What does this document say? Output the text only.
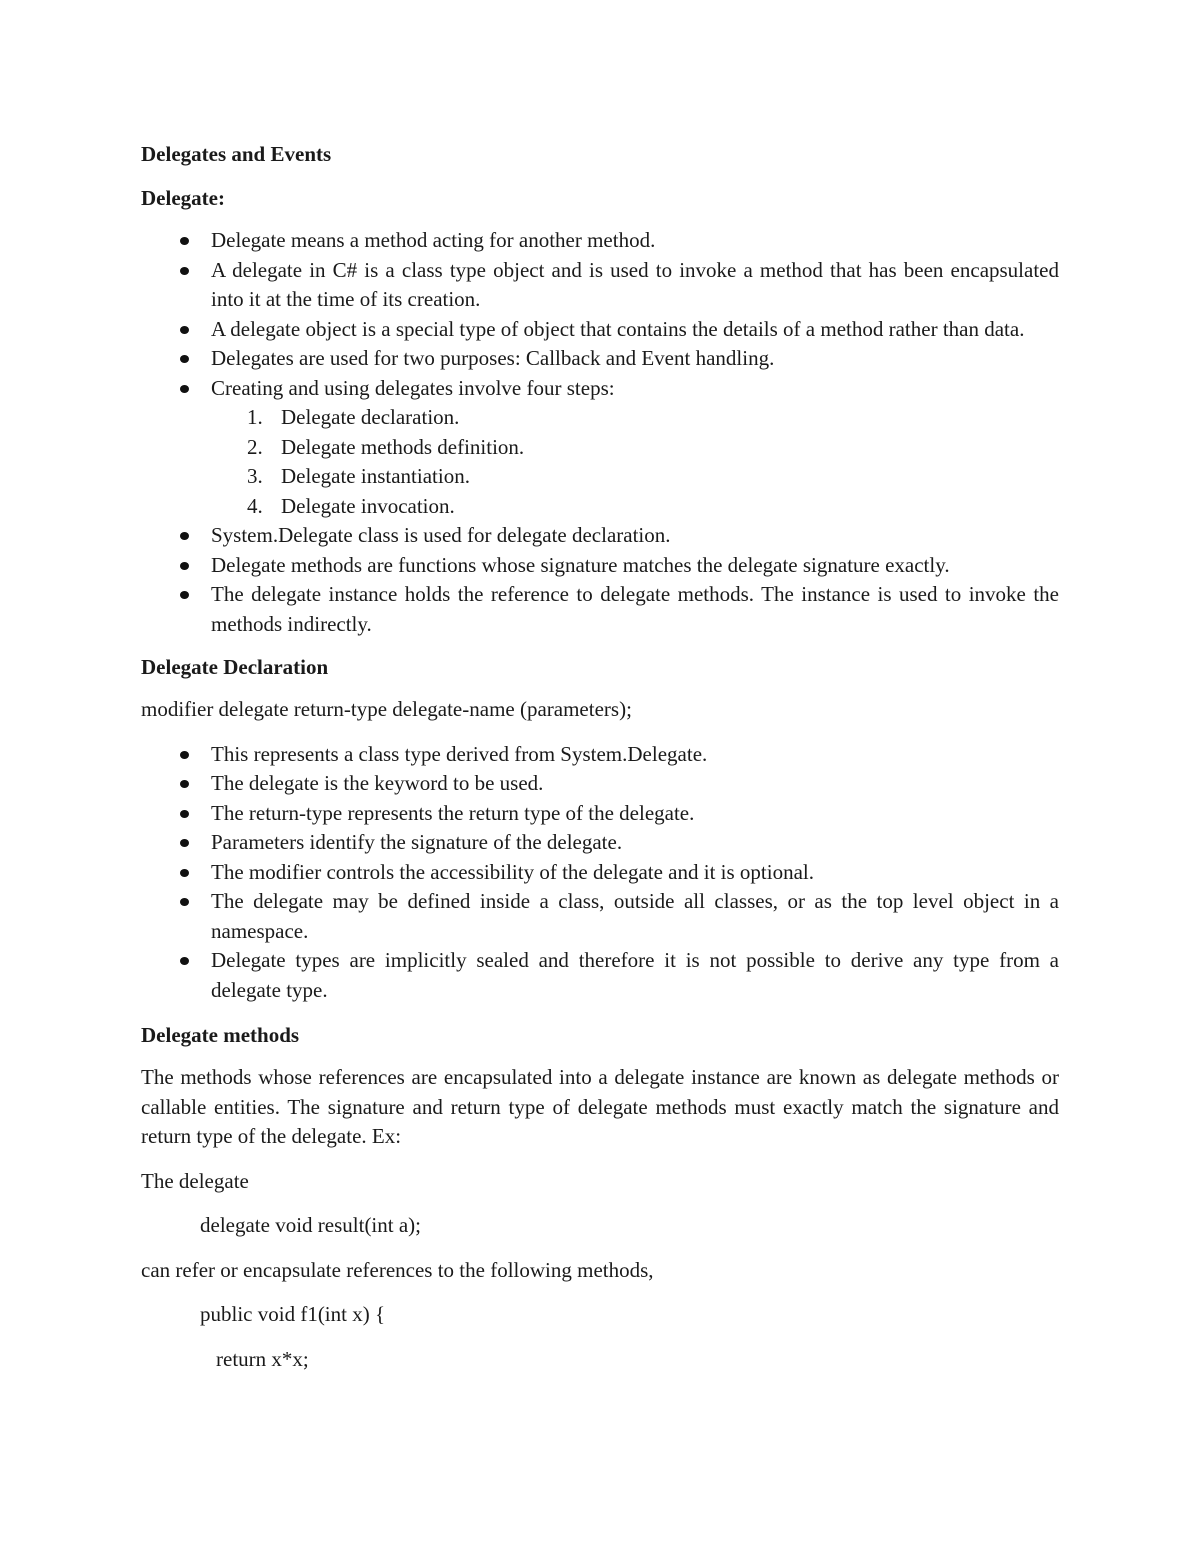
Delegates and Events

Delegate:

Delegate means a method acting for another method.
A delegate in C# is a class type object and is used to invoke a method that has been encapsulated into it at the time of its creation.
A delegate object is a special type of object that contains the details of a method rather than data.
Delegates are used for two purposes: Callback and Event handling.
Creating and using delegates involve four steps:
1. Delegate declaration.
2. Delegate methods definition.
3. Delegate instantiation.
4. Delegate invocation.
System.Delegate class is used for delegate declaration.
Delegate methods are functions whose signature matches the delegate signature exactly.
The delegate instance holds the reference to delegate methods. The instance is used to invoke the methods indirectly.

Delegate Declaration

modifier delegate return-type delegate-name (parameters);

This represents a class type derived from System.Delegate.
The delegate is the keyword to be used.
The return-type represents the return type of the delegate.
Parameters identify the signature of the delegate.
The modifier controls the accessibility of the delegate and it is optional.
The delegate may be defined inside a class, outside all classes, or as the top level object in a namespace.
Delegate types are implicitly sealed and therefore it is not possible to derive any type from a delegate type.

Delegate methods

The methods whose references are encapsulated into a delegate instance are known as delegate methods or callable entities. The signature and return type of delegate methods must exactly match the signature and return type of the delegate. Ex:

The delegate

delegate void result(int a);

can refer or encapsulate references to the following methods,

public void f1(int x) {

return x*x;
